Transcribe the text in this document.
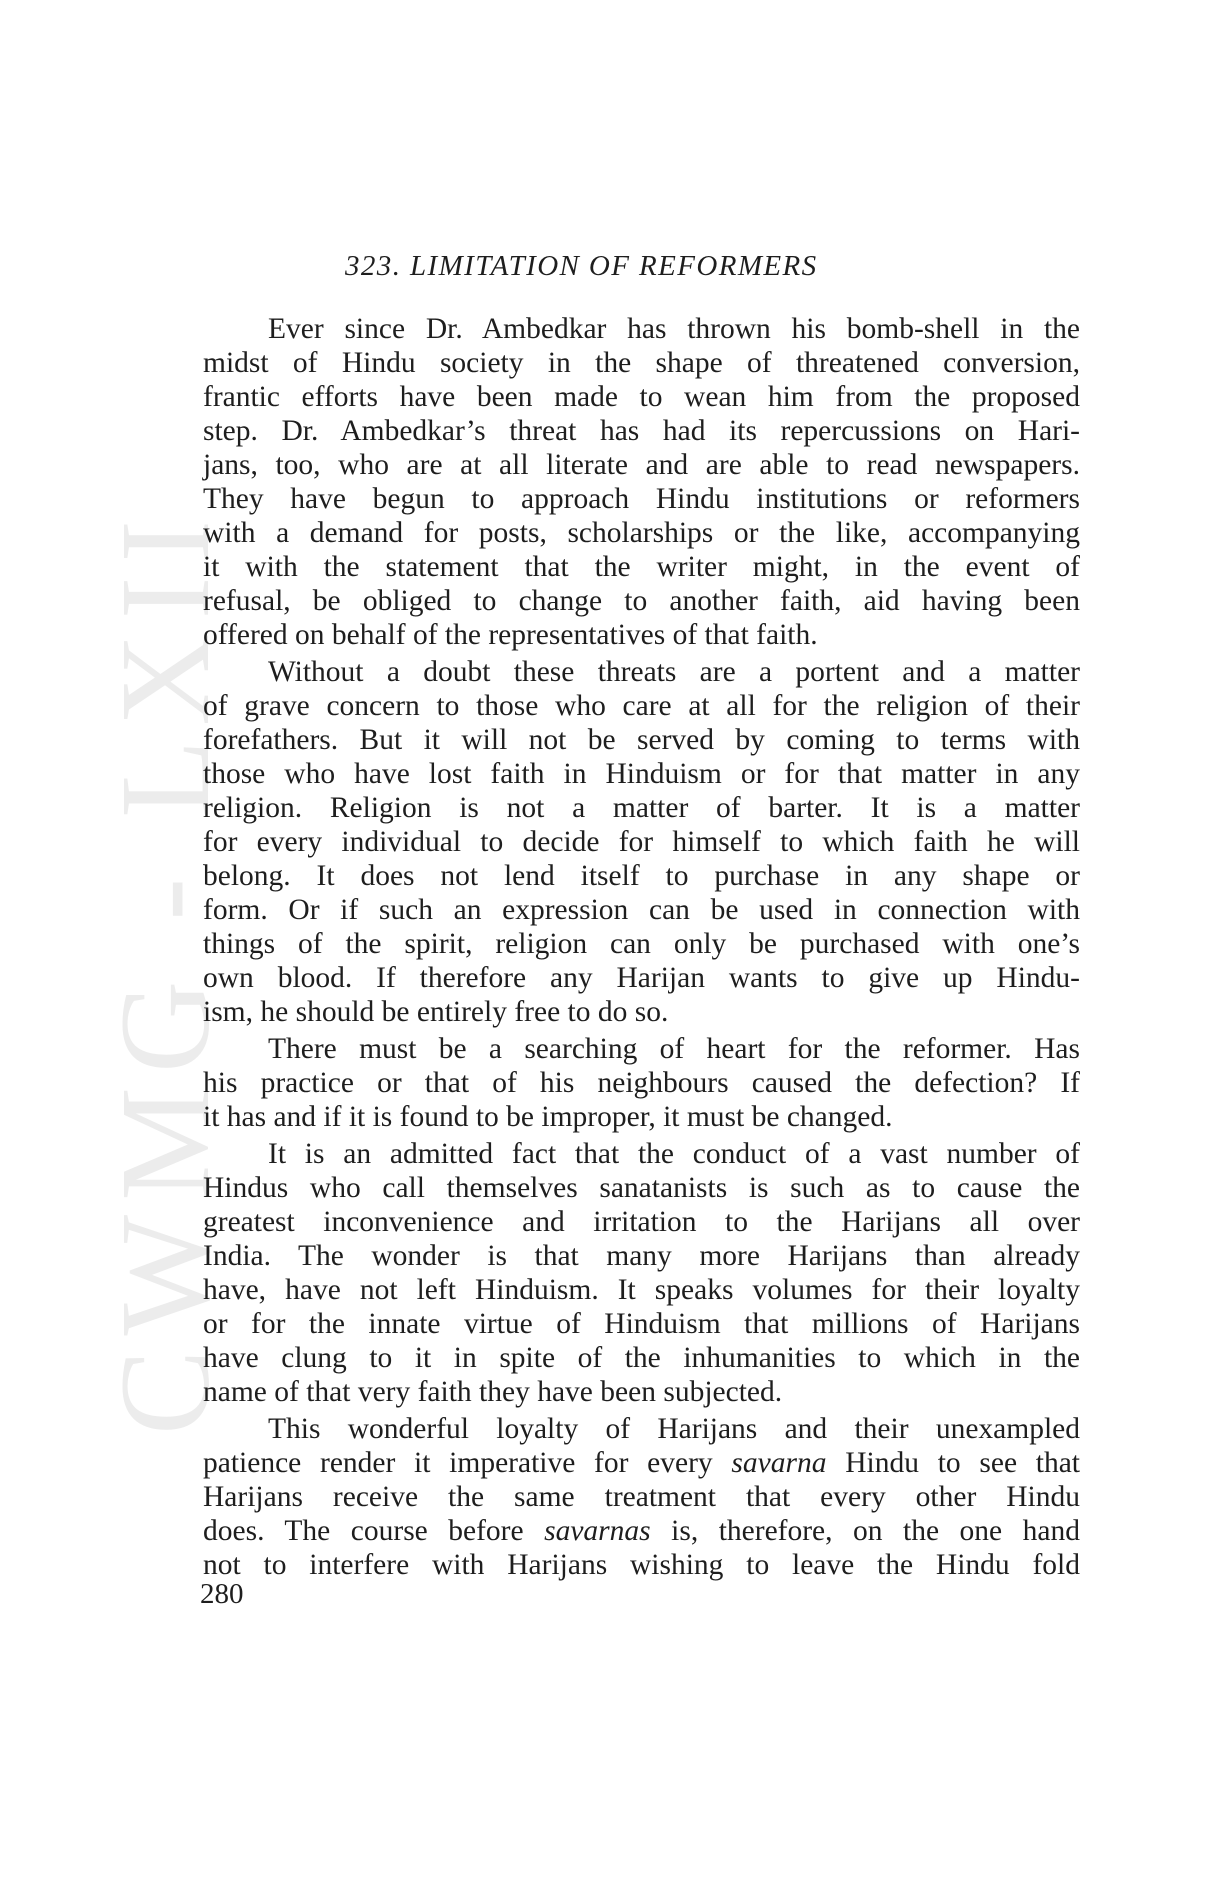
CWMG - LXII
323. LIMITATION OF REFORMERS
Ever since Dr. Ambedkar has thrown his bomb-shell in the
midst of Hindu society in the shape of threatened conversion,
frantic efforts have been made to wean him from the proposed
step. Dr. Ambedkar’s threat has had its repercussions on Hari-
jans, too, who are at all literate and are able to read newspapers.
They have begun to approach Hindu institutions or reformers
with a demand for posts, scholarships or the like, accompanying
it with the statement that the writer might, in the event of
refusal, be obliged to change to another faith, aid having been
offered on behalf of the representatives of that faith.
Without a doubt these threats are a portent and a matter
of grave concern to those who care at all for the religion of their
forefathers. But it will not be served by coming to terms with
those who have lost faith in Hinduism or for that matter in any
religion. Religion is not a matter of barter. It is a matter
for every individual to decide for himself to which faith he will
belong. It does not lend itself to purchase in any shape or
form. Or if such an expression can be used in connection with
things of the spirit, religion can only be purchased with one’s
own blood. If therefore any Harijan wants to give up Hindu-
ism, he should be entirely free to do so.
There must be a searching of heart for the reformer. Has
his practice or that of his neighbours caused the defection? If
it has and if it is found to be improper, it must be changed.
It is an admitted fact that the conduct of a vast number of
Hindus who call themselves sanatanists is such as to cause the
greatest inconvenience and irritation to the Harijans all over
India. The wonder is that many more Harijans than already
have, have not left Hinduism. It speaks volumes for their loyalty
or for the innate virtue of Hinduism that millions of Harijans
have clung to it in spite of the inhumanities to which in the
name of that very faith they have been subjected.
This wonderful loyalty of Harijans and their unexampled
patience render it imperative for every savarna Hindu to see that
Harijans receive the same treatment that every other Hindu
does. The course before savarnas is, therefore, on the one hand
not to interfere with Harijans wishing to leave the Hindu fold
280
